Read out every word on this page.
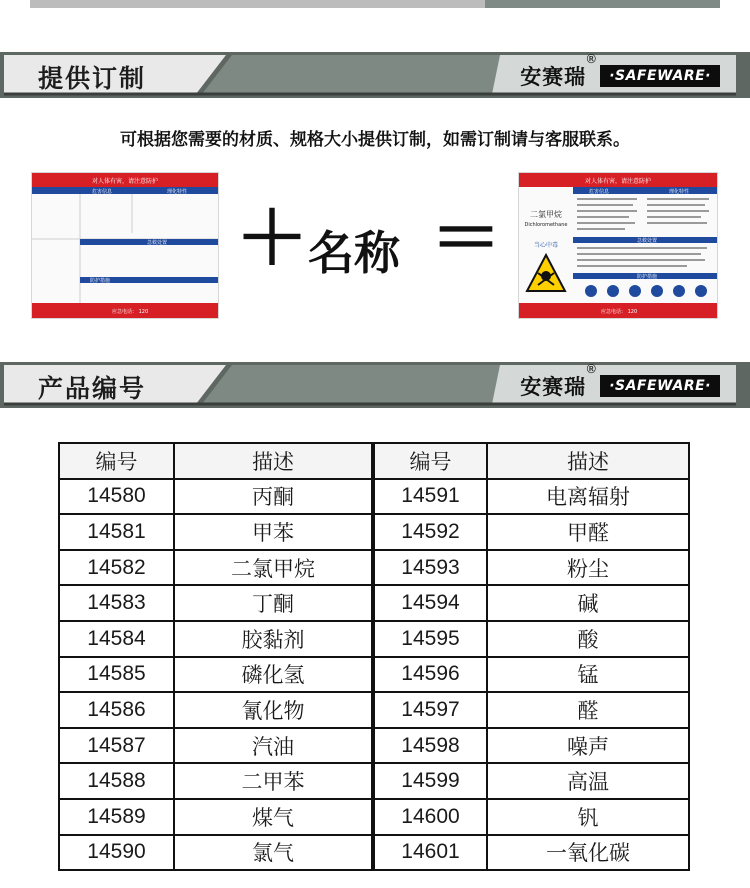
提供订制	安赛瑞
®
·SAFEWARE·
可根据您需要的材质、规格大小提供订制，如需订制请与客服联系。
对人体有害，请注意防护
危害信息	理化特性
急救处置
防护措施
应急电话： 120
＋ 名称 ＝
对人体有害，请注意防护
危害信息	理化特性
二氯甲烷
Dichloromethane
当心中毒
急救处置
防护措施
应急电话： 120
产品编号	安赛瑞
®
·SAFEWARE·
编号	描述	编号	描述
14580	丙酮	14591	电离辐射
14581	甲苯	14592	甲醛
14582	二氯甲烷	14593	粉尘
14583	丁酮	14594	碱
14584	胶黏剂	14595	酸
14585	磷化氢	14596	锰
14586	氰化物	14597	醛
14587	汽油	14598	噪声
14588	二甲苯	14599	高温
14589	煤气	14600	钒
14590	氯气	14601	一氧化碳
